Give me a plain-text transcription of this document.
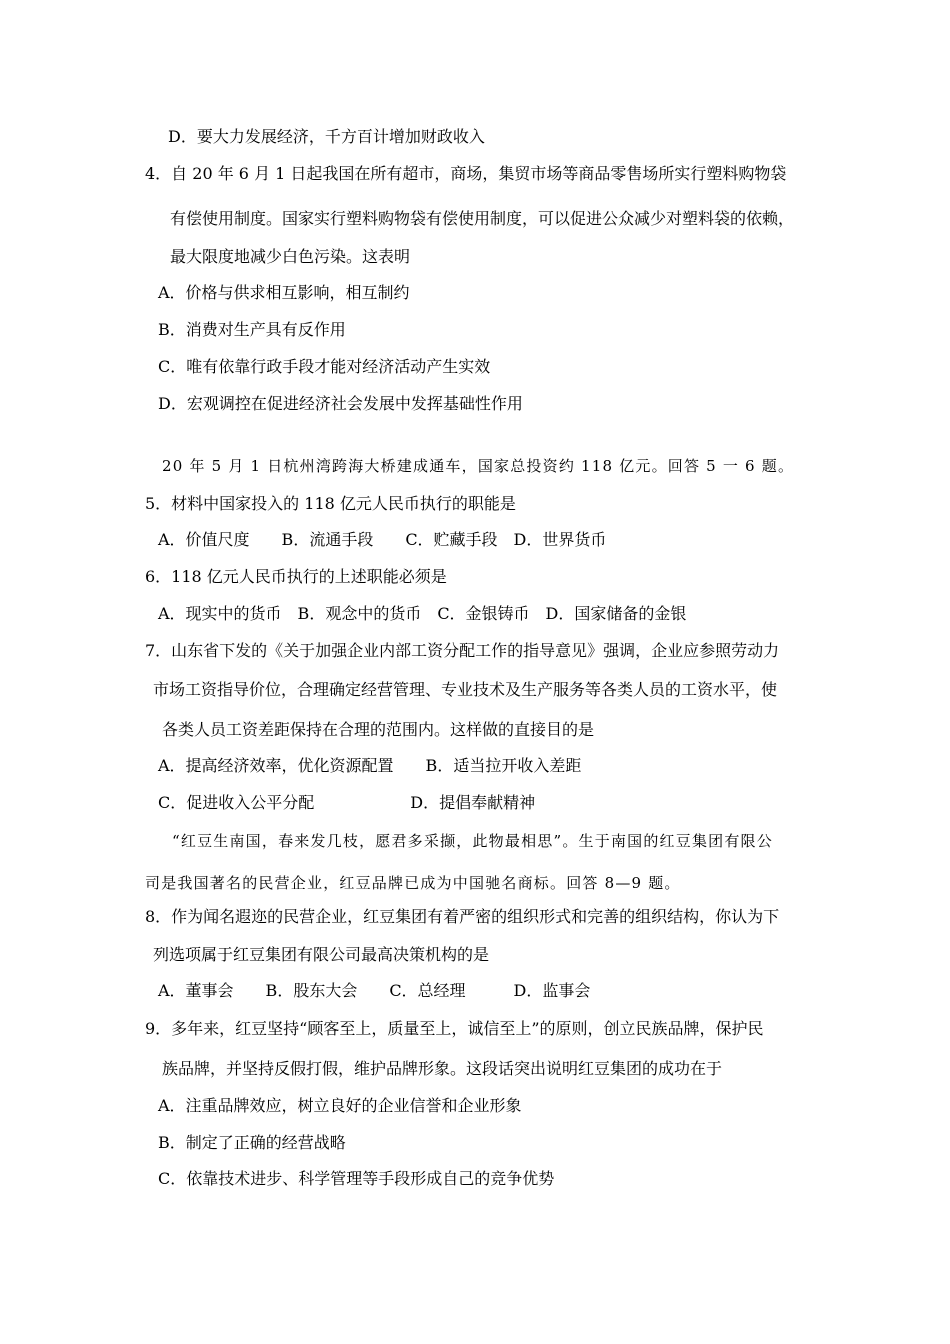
D．要大力发展经济，千方百计增加财政收入
4．自 20 年 6 月 1 日起我国在所有超市，商场，集贸市场等商品零售场所实行塑料购物袋
有偿使用制度。国家实行塑料购物袋有偿使用制度，可以促进公众减少对塑料袋的依赖，
最大限度地减少白色污染。这表明
A．价格与供求相互影响，相互制约
B．消费对生产具有反作用
C．唯有依靠行政手段才能对经济活动产生实效
D．宏观调控在促进经济社会发展中发挥基础性作用
20 年 5 月 1 日杭州湾跨海大桥建成通车，国家总投资约 118 亿元。回答 5 一 6 题。
5．材料中国家投入的 118 亿元人民币执行的职能是
A．价值尺度　　B．流通手段　　C．贮藏手段　D．世界货币
6．118 亿元人民币执行的上述职能必须是
A．现实中的货币　B．观念中的货币　C．金银铸币　D．国家储备的金银
7．山东省下发的《关于加强企业内部工资分配工作的指导意见》强调，企业应参照劳动力
市场工资指导价位，合理确定经营管理、专业技术及生产服务等各类人员的工资水平，使
各类人员工资差距保持在合理的范围内。这样做的直接目的是
A．提高经济效率，优化资源配置　　B．适当拉开收入差距
C．促进收入公平分配　　　　　　D．提倡奉献精神
“红豆生南国，春来发几枝，愿君多采撷，此物最相思”。生于南国的红豆集团有限公
司是我国著名的民营企业，红豆品牌已成为中国驰名商标。回答 8—9 题。
8．作为闻名遐迩的民营企业，红豆集团有着严密的组织形式和完善的组织结构，你认为下
列选项属于红豆集团有限公司最高决策机构的是
A．董事会　　B．股东大会　　C．总经理　　　D．监事会
9．多年来，红豆坚持“顾客至上，质量至上，诚信至上”的原则，创立民族品牌，保护民
族品牌，并坚持反假打假，维护品牌形象。这段话突出说明红豆集团的成功在于
A．注重品牌效应，树立良好的企业信誉和企业形象
B．制定了正确的经营战略
C．依靠技术进步、科学管理等手段形成自己的竞争优势
